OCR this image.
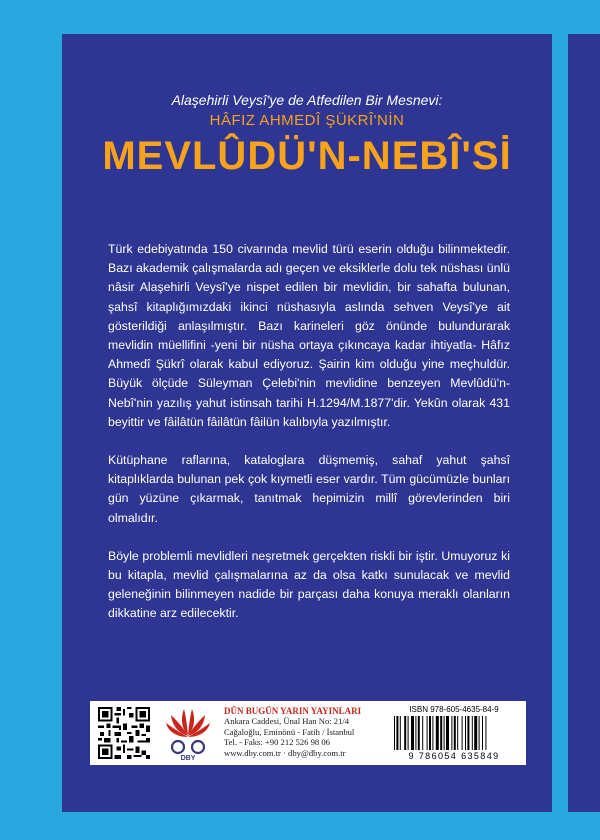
Alaşehirli Veysî'ye de Atfedilen Bir Mesnevi:
HÂFIZ AHMEDÎ ŞÜKRÎ'NİN
MEVLÛDÜ'N-NEBÎ'Sİ

Türk edebiyatında 150 civarında mevlid türü eserin olduğu bilinmektedir. Bazı akademik çalışmalarda adı geçen ve eksiklerle dolu tek nüshası ünlü nâsir Alaşehirli Veysî'ye nispet edilen bir mevlidin, bir sahafta bulunan, şahsî kitaplığımızdaki ikinci nüshasıyla aslında sehven Veysî'ye ait gösterildiği anlaşılmıştır. Bazı karineleri göz önünde bulundurarak mevlidin müellifini -yeni bir nüsha ortaya çıkıncaya kadar ihtiyatla- Hâfız Ahmedî Şükrî olarak kabul ediyoruz. Şairin kim olduğu yine meçhuldür. Büyük ölçüde Süleyman Çelebi'nin mevlidine benzeyen Mevlûdü'n-Nebî'nin yazılış yahut istinsah tarihi H.1294/M.1877'dir. Yekûn olarak 431 beyittir ve fâilâtün fâilâtün fâilün kalıbıyla yazılmıştır.

Kütüphane raflarına, kataloglara düşmemiş, sahaf yahut şahsî kitaplıklarda bulunan pek çok kıymetli eser vardır. Tüm gücümüzle bunları gün yüzüne çıkarmak, tanıtmak hepimizin millî görevlerinden biri olmalıdır.

Böyle problemli mevlidleri neşretmek gerçekten riskli bir iştir. Umuyoruz ki bu kitapla, mevlid çalışmalarına az da olsa katkı sunulacak ve mevlid geleneğinin bilinmeyen nadide bir parçası daha konuya meraklı olanların dikkatine arz edilecektir.

DBY
DÜN BUGÜN YARIN YAYINLARI
Ankara Caddesi, Ünal Han No: 21/4
Cağaloğlu, Eminönü - Fatih / İstanbul
Tel. - Faks: +90 212 526 98 06
www.dby.com.tr · dby@dby.com.tr
ISBN 978-605-4635-84-9
9 786054 635849
